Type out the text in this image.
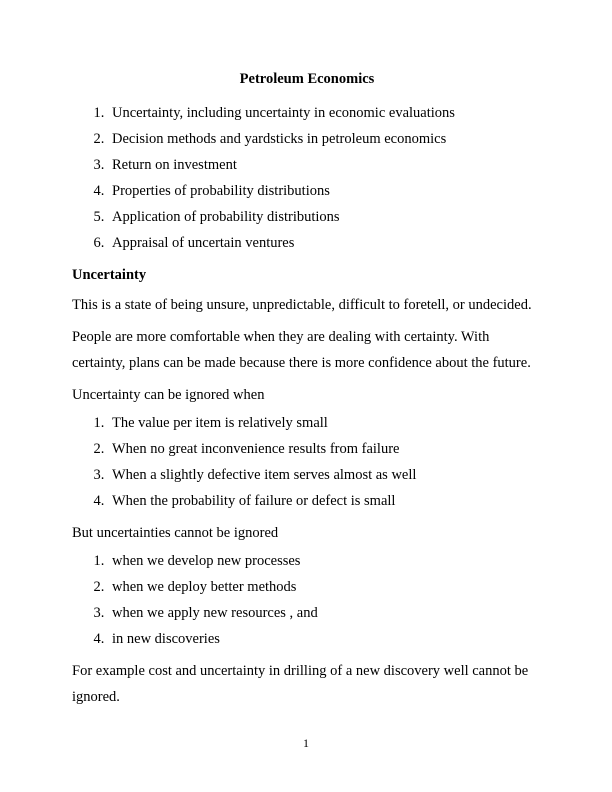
Petroleum Economics

1. Uncertainty, including uncertainty in economic evaluations
2. Decision methods and yardsticks in petroleum economics
3. Return on investment
4. Properties of probability distributions
5. Application of probability distributions
6. Appraisal of uncertain ventures

Uncertainty

This is a state of being unsure, unpredictable, difficult to foretell, or undecided.

People are more comfortable when they are dealing with certainty. With certainty, plans can be made because there is more confidence about the future.

Uncertainty can be ignored when

1. The value per item is relatively small
2. When no great inconvenience results from failure
3. When a slightly defective item serves almost as well
4. When the probability of failure or defect is small

But uncertainties cannot be ignored

1. when we develop new processes
2. when we deploy better methods
3. when we apply new resources , and
4. in new discoveries

For example cost and uncertainty in drilling of a new discovery well cannot be ignored.

1
